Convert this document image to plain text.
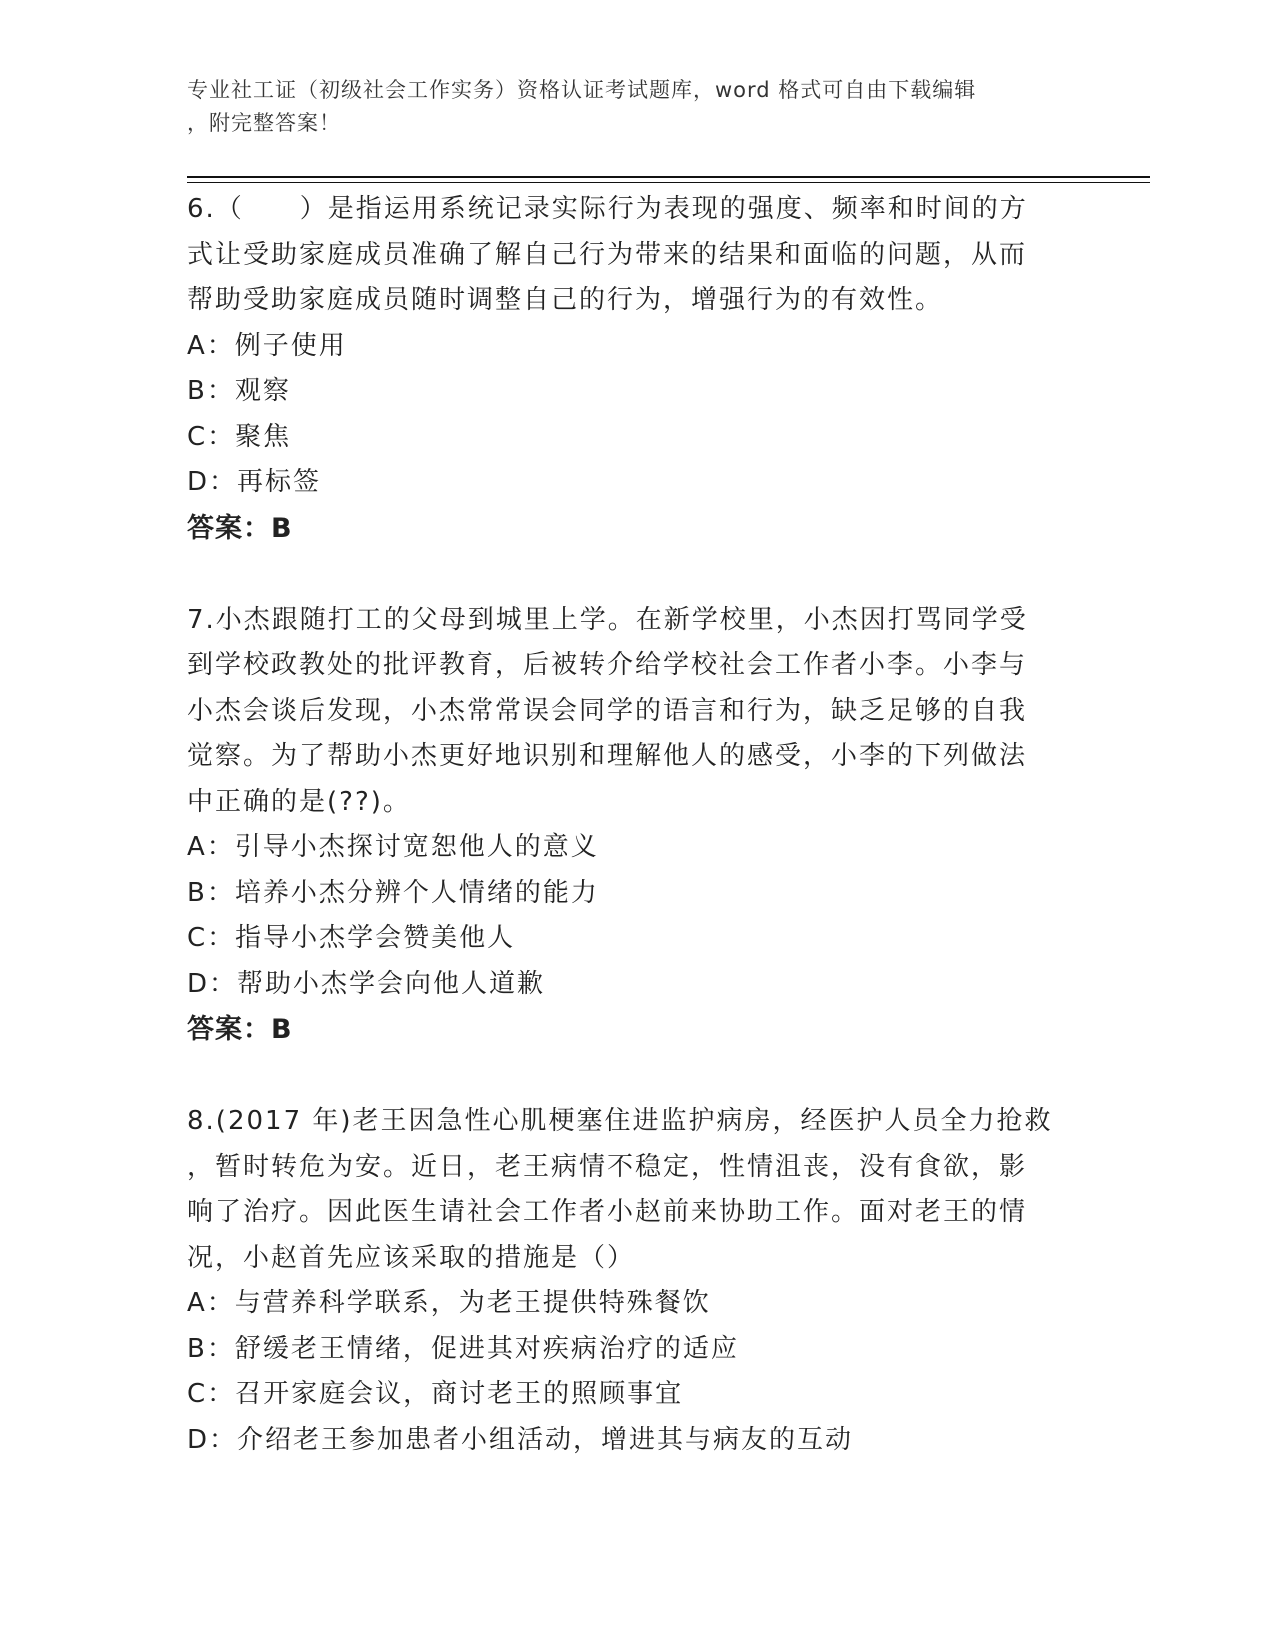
专业社工证（初级社会工作实务）资格认证考试题库，word 格式可自由下载编辑
，附完整答案！

6.（　　）是指运用系统记录实际行为表现的强度、频率和时间的方

式让受助家庭成员准确了解自己行为带来的结果和面临的问题，从而

帮助受助家庭成员随时调整自己的行为，增强行为的有效性。

A：例子使用

B：观察

C：聚焦

D：再标签

答案：B

7.小杰跟随打工的父母到城里上学。在新学校里，小杰因打骂同学受

到学校政教处的批评教育，后被转介给学校社会工作者小李。小李与

小杰会谈后发现，小杰常常误会同学的语言和行为，缺乏足够的自我

觉察。为了帮助小杰更好地识别和理解他人的感受，小李的下列做法

中正确的是(??)。

A：引导小杰探讨宽恕他人的意义

B：培养小杰分辨个人情绪的能力

C：指导小杰学会赞美他人

D：帮助小杰学会向他人道歉

答案：B

8.(2017 年)老王因急性心肌梗塞住进监护病房，经医护人员全力抢救

，暂时转危为安。近日，老王病情不稳定，性情沮丧，没有食欲，影

响了治疗。因此医生请社会工作者小赵前来协助工作。面对老王的情

况，小赵首先应该采取的措施是（）

A：与营养科学联系，为老王提供特殊餐饮

B：舒缓老王情绪，促进其对疾病治疗的适应

C：召开家庭会议，商讨老王的照顾事宜

D：介绍老王参加患者小组活动，增进其与病友的互动
